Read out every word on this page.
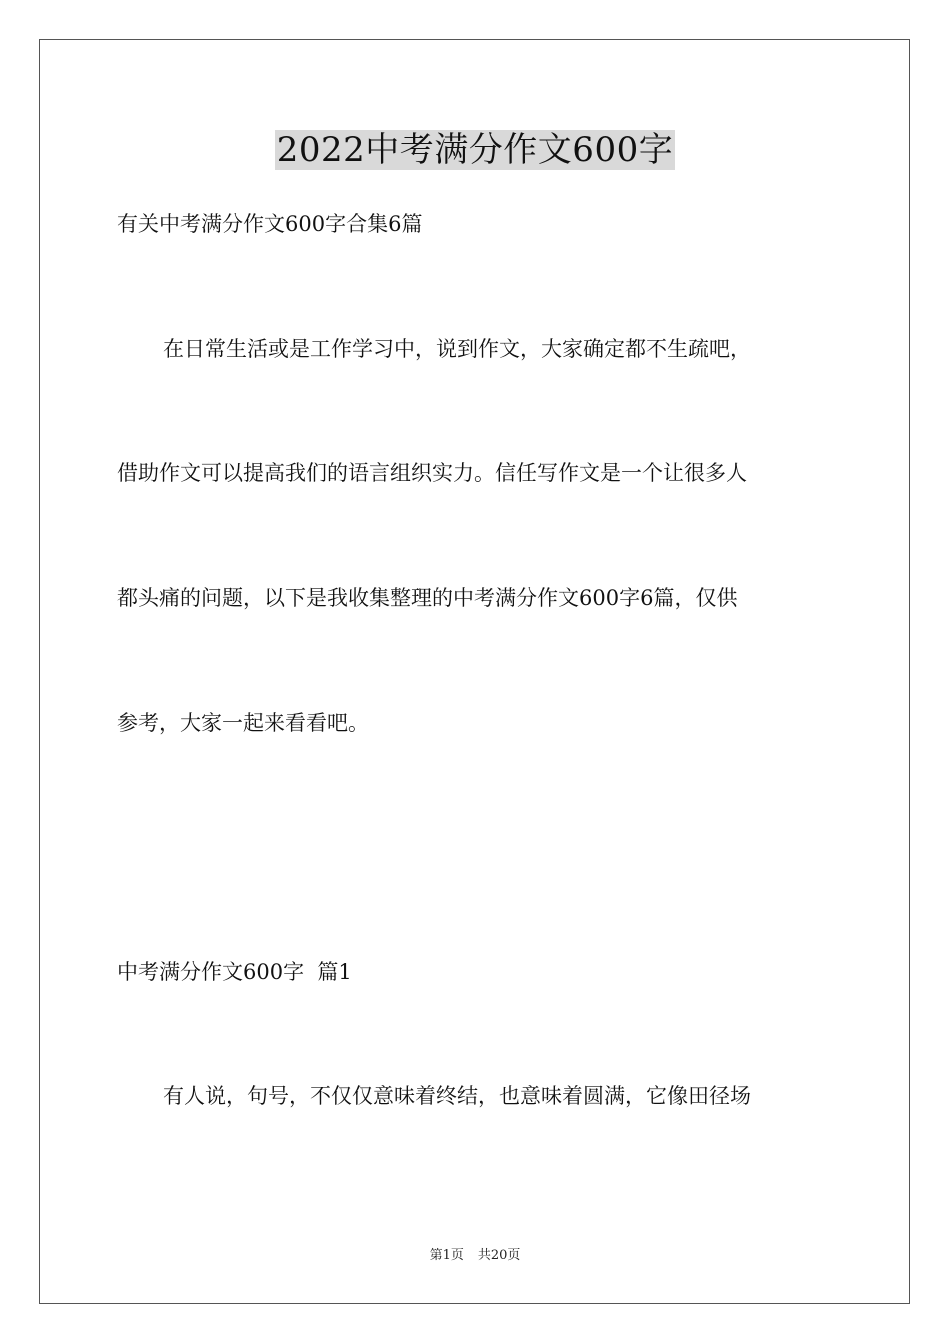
2022中考满分作文600字
有关中考满分作文600字合集6篇
在日常生活或是工作学习中，说到作文，大家确定都不生疏吧，
借助作文可以提高我们的语言组织实力。信任写作文是一个让很多人
都头痛的问题，以下是我收集整理的中考满分作文600字6篇，仅供
参考，大家一起来看看吧。
中考满分作文600字  篇1
有人说，句号，不仅仅意味着终结，也意味着圆满，它像田径场
第1页 共20页
